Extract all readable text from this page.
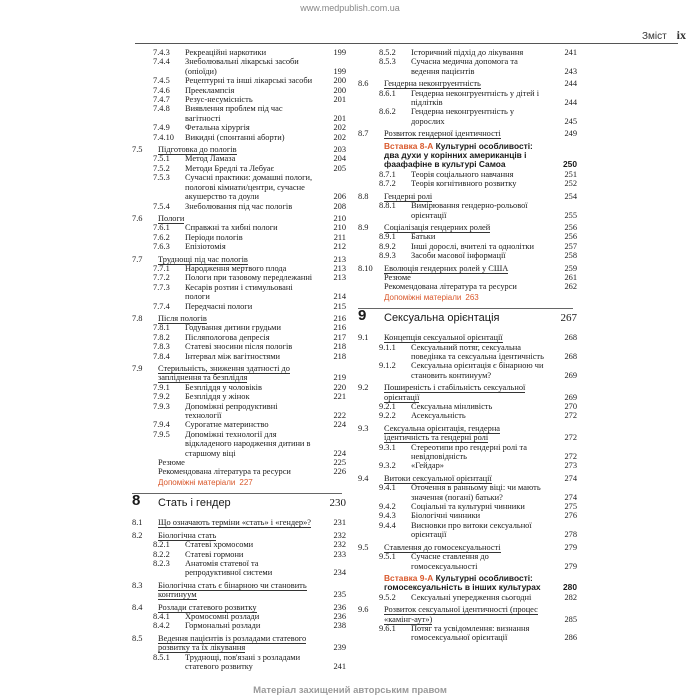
www.medpublish.com.ua
Зміст ix
7.4.3 Рекреаційні наркотики	199
7.4.4 Знеболювальні лікарські засоби (опіоїди)	199
7.4.5 Рецептурні та інші лікарські засоби	200
7.4.6 Прееклампсія	200
7.4.7 Резус-несумісність	201
7.4.8 Виявлення проблем під час вагітності	201
7.4.9 Фетальна хірургія	202
7.4.10 Викидні (спонтанні аборти)	202
7.5 Підготовка до пологів	203
7.5.1 Метод Ламаза	204
7.5.2 Методи Бредлі та Лебуає	205
7.5.3 Сучасні практики: домашні пологи, пологові кімнати/центри, сучасне акушерство та доули	206
7.5.4 Знеболювання під час пологів	208
7.6 Пологи	210
7.6.1 Справжні та хибні пологи	210
7.6.2 Періоди пологів	211
7.6.3 Епізіотомія	212
7.7 Труднощі під час пологів	213
7.7.1 Народження мертвого плода	213
7.7.2 Пологи при тазовому передлежанні	213
7.7.3 Кесарів розтин і стимульовані пологи	214
7.7.4 Передчасні пологи	215
7.8 Після пологів	216
7.8.1 Годування дитини грудьми	216
7.8.2 Післяпологова депресія	217
7.8.3 Статеві зносини після пологів	218
7.8.4 Інтервал між вагітностями	218
7.9 Стерильність, зниження здатності до запліднення та безплідля	219
7.9.1 Безпліддя у чоловіків	220
7.9.2 Безпліддя у жінок	221
7.9.3 Допоміжні репродуктивні технології	222
7.9.4 Сурогатне материнство	224
7.9.5 Допоміжні технології для відкладеного народження дитини в старшому віці	224
Резюме	225
Рекомендована література та ресурси	226
Допоміжні матеріали 227
8 Стать і гендер	230
8.1 Що означають терміни «стать» і «гендер»?	231
8.2 Біологічна стать	232
8.2.1 Статеві хромосоми	232
8.2.2 Статеві гормони	233
8.2.3 Анатомія статевої та репродуктивної системи	234
8.3 Біологічна стать є бінарною чи становить континуум	235
8.4 Розлади статевого розвитку	236
8.4.1 Хромосомні розлади	236
8.4.2 Гормональні розлади	238
8.5 Ведення пацієнтів із розладами статевого розвитку та їх лікування	239
8.5.1 Труднощі, пов'язані з розладами статевого розвитку	241
8.5.2 Історичний підхід до лікування	241
8.5.3 Сучасна медична допомога та ведення пацієнтів	243
8.6 Гендерна неконгруентність	244
8.6.1 Гендерна неконгруентність у дітей і підлітків	244
8.6.2 Гендерна неконгруентність у дорослих	245
8.7 Розвиток гендерної ідентичності	249
Вставка 8-А Культурні особливості: два духи у корінних американців і фаафафіне в культурі Самоа	250
8.7.1 Теорія соціального навчання	251
8.7.2 Теорія когнітивного розвитку	252
8.8 Гендерні ролі	254
8.8.1 Вимірювання гендерно-рольової орієнтації	255
8.9 Соціалізація гендерних ролей	256
8.9.1 Батьки	256
8.9.2 Інші дорослі, вчителі та однолітки	257
8.9.3 Засоби масової інформації	258
8.10 Еволюція гендерних ролей у США	259
Резюме	261
Рекомендована література та ресурси	262
Допоміжні матеріали 263
9 Сексуальна орієнтація	267
9.1 Концепція сексуальної орієнтації	268
9.1.1 Сексуальний потяг, сексуальна поведінка та сексуальна ідентичність	268
9.1.2 Сексуальна орієнтація є бінарною чи становить континуум?	269
9.2 Поширеність і стабільність сексуальної орієнтації	269
9.2.1 Сексуальна мінливість	270
9.2.2 Асексуальність	272
9.3 Сексуальна орієнтація, гендерна ідентичність та гендерні ролі	272
9.3.1 Стереотипи про гендерні ролі та невідповідність	272
9.3.2 «Гейдар»	273
9.4 Витоки сексуальної орієнтації	274
9.4.1 Оточення в ранньому віці: чи мають значення (погані) батьки?	274
9.4.2 Соціальні та культурні чинники	275
9.4.3 Біологічні чинники	276
9.4.4 Висновки про витоки сексуальної орієнтації	278
9.5 Ставлення до гомосексуальності	279
9.5.1 Сучасне ставлення до гомосексуальності	279
Вставка 9-А Культурні особливості: гомосексуальність в інших культурах	280
9.5.2 Сексуальні упередження сьогодні	282
9.6 Розвиток сексуальної ідентичності (процес «камінг-аут»)	285
9.6.1 Потяг та усвідомлення: визнання гомосексуальної орієнтації	286
Матеріал захищений авторським правом
